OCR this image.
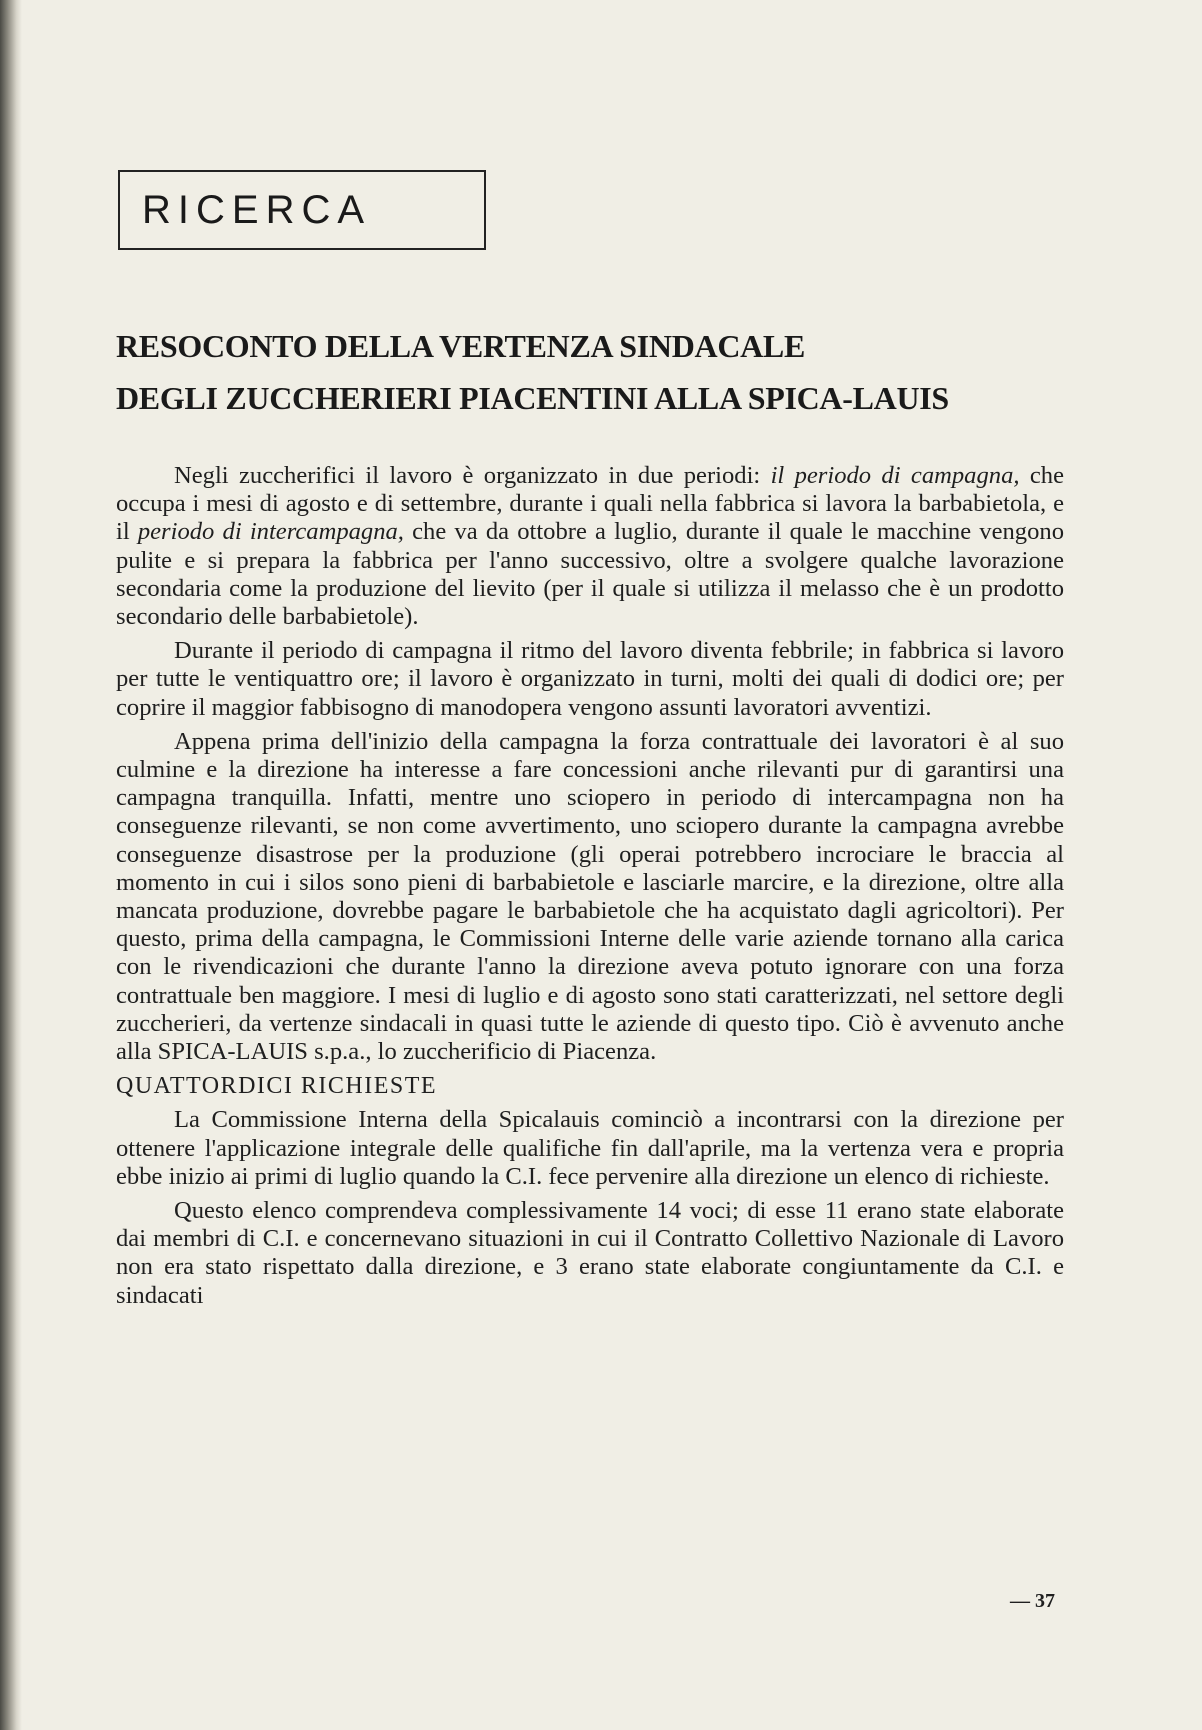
RICERCA
RESOCONTO DELLA VERTENZA SINDACALE
DEGLI ZUCCHERIERI PIACENTINI ALLA SPICA-LAUIS

Negli zuccherifici il lavoro è organizzato in due periodi: il periodo di campagna, che occupa i mesi di agosto e di settembre, durante i quali nella fabbrica si lavora la barbabietola, e il periodo di intercampagna, che va da ottobre a luglio, durante il quale le macchine vengono pulite e si prepara la fabbrica per l'anno successivo, oltre a svolgere qualche lavorazione secondaria come la produzione del lievito (per il quale si utilizza il melasso che è un prodotto secondario delle barbabietole).

Durante il periodo di campagna il ritmo del lavoro diventa febbrile; in fabbrica si lavoro per tutte le ventiquattro ore; il lavoro è organizzato in turni, molti dei quali di dodici ore; per coprire il maggior fabbisogno di manodopera vengono assunti lavoratori avventizi.

Appena prima dell'inizio della campagna la forza contrattuale dei lavoratori è al suo culmine e la direzione ha interesse a fare concessioni anche rilevanti pur di garantirsi una campagna tranquilla. Infatti, mentre uno sciopero in periodo di intercampagna non ha conseguenze rilevanti, se non come avvertimento, uno sciopero durante la campagna avrebbe conseguenze disastrose per la produzione (gli operai potrebbero incrociare le braccia al momento in cui i silos sono pieni di barbabietole e lasciarle marcire, e la direzione, oltre alla mancata produzione, dovrebbe pagare le barbabietole che ha acquistato dagli agricoltori). Per questo, prima della campagna, le Commissioni Interne delle varie aziende tornano alla carica con le rivendicazioni che durante l'anno la direzione aveva potuto ignorare con una forza contrattuale ben maggiore. I mesi di luglio e di agosto sono stati caratterizzati, nel settore degli zuccherieri, da vertenze sindacali in quasi tutte le aziende di questo tipo. Ciò è avvenuto anche alla SPICA-LAUIS s.p.a., lo zuccherificio di Piacenza.

QUATTORDICI RICHIESTE

La Commissione Interna della Spicalauis cominciò a incontrarsi con la direzione per ottenere l'applicazione integrale delle qualifiche fin dall'aprile, ma la vertenza vera e propria ebbe inizio ai primi di luglio quando la C.I. fece pervenire alla direzione un elenco di richieste.

Questo elenco comprendeva complessivamente 14 voci; di esse 11 erano state elaborate dai membri di C.I. e concernevano situazioni in cui il Contratto Collettivo Nazionale di Lavoro non era stato rispettato dalla direzione, e 3 erano state elaborate congiuntamente da C.I. e sindacati

— 37
